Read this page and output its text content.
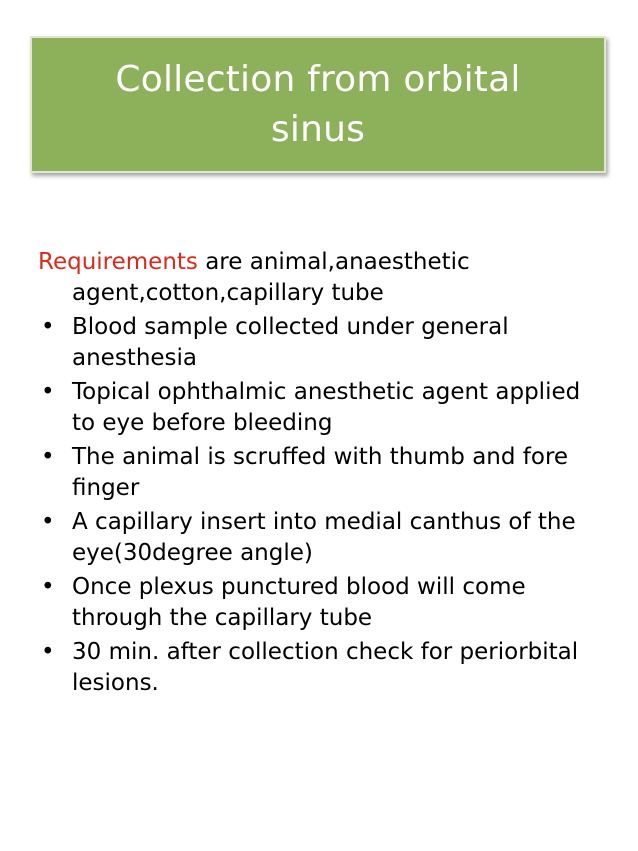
Collection from orbital sinus

Requirements are animal,anaesthetic agent,cotton,capillary tube

• Blood sample collected under general anesthesia
• Topical ophthalmic anesthetic agent applied to eye before bleeding
• The animal is scruffed with thumb and fore finger
• A capillary insert into medial canthus of the eye(30degree angle)
• Once plexus punctured blood will come through the capillary tube
• 30 min. after collection check for periorbital lesions.
